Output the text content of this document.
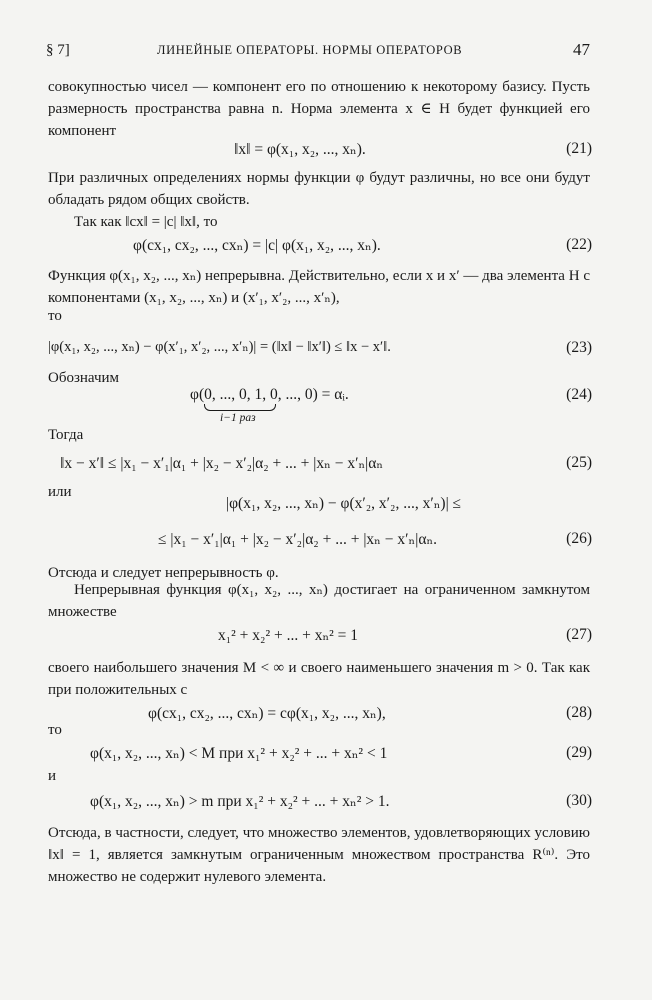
§ 7]	ЛИНЕЙНЫЕ ОПЕРАТОРЫ. НОРМЫ ОПЕРАТОРОВ	47
совокупностью чисел — компонент его по отношению к некоторому базису. Пусть размерность пространства равна n. Норма элемента x ∈ H будет функцией его компонент
‖x‖ = φ(x₁, x₂, ..., xₙ).	(21)
При различных определениях нормы функции φ будут различны, но все они будут обладать рядом общих свойств.
Так как ‖cx‖ = |c| ‖x‖, то
φ(cx₁, cx₂, ..., cxₙ) = |c| φ(x₁, x₂, ..., xₙ).	(22)
Функция φ(x₁, x₂, ..., xₙ) непрерывна. Действительно, если x и x′ — два элемента H с компонентами (x₁, x₂, ..., xₙ) и (x′₁, x′₂, ..., x′ₙ),
то
|φ(x₁, x₂, ..., xₙ) − φ(x′₁, x′₂, ..., x′ₙ)| = (‖x‖ − ‖x′‖) ≤ ‖x − x′‖.	(23)
Обозначим
φ(0, ..., 0, 1, 0, ..., 0) = αᵢ.
i−1 раз
(24)
Тогда
‖x − x′‖ ≤ |x₁ − x′₁|α₁ + |x₂ − x′₂|α₂ + ... + |xₙ − x′ₙ|αₙ	(25)
или
|φ(x₁, x₂, ..., xₙ) − φ(x′₂, x′₂, ..., x′ₙ)| ≤
≤ |x₁ − x′₁|α₁ + |x₂ − x′₂|α₂ + ... + |xₙ − x′ₙ|αₙ.	(26)
Отсюда и следует непрерывность φ.
Непрерывная функция φ(x₁, x₂, ..., xₙ) достигает на ограниченном замкнутом множестве
x₁² + x₂² + ... + xₙ² = 1	(27)
своего наибольшего значения M < ∞ и своего наименьшего значения m > 0. Так как при положительных c
φ(cx₁, cx₂, ..., cxₙ) = cφ(x₁, x₂, ..., xₙ),	(28)
то
φ(x₁, x₂, ..., xₙ) < M при x₁² + x₂² + ... + xₙ² < 1	(29)
и
φ(x₁, x₂, ..., xₙ) > m при x₁² + x₂² + ... + xₙ² > 1.	(30)
Отсюда, в частности, следует, что множество элементов, удовлетворяющих условию ‖x‖ = 1, является замкнутым ограниченным множеством пространства R⁽ⁿ⁾. Это множество не содержит нулевого элемента.
